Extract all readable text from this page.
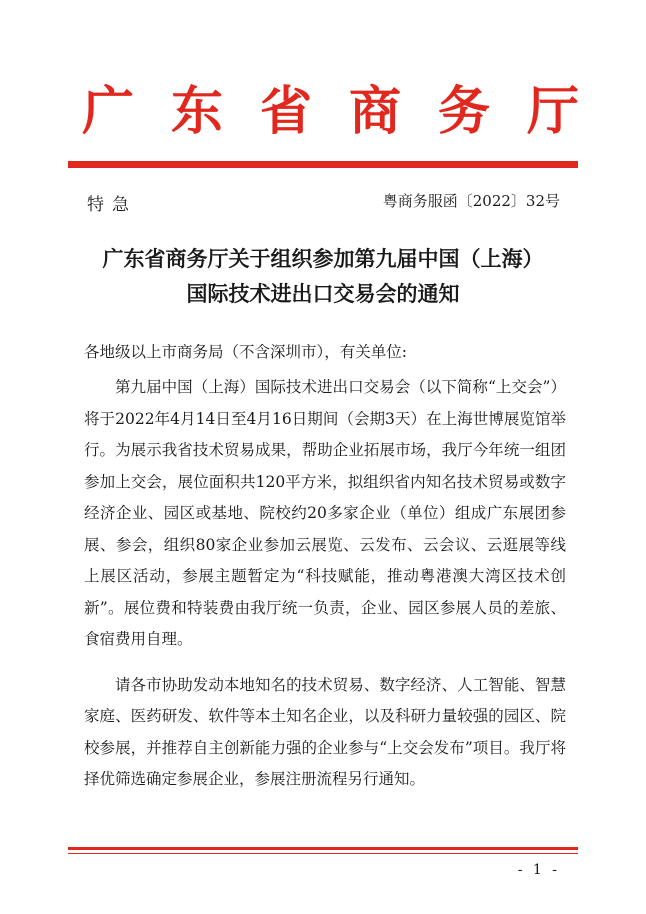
广东省商务厅
特急	粤商务服函〔2022〕32号
广东省商务厅关于组织参加第九届中国（上海）
国际技术进出口交易会的通知
各地级以上市商务局（不含深圳市），有关单位:

第九届中国（上海）国际技术进出口交易会（以下简称“上交会”）将于2022年4月14日至4月16日期间（会期3天）在上海世博展览馆举行。为展示我省技术贸易成果，帮助企业拓展市场，我厅今年统一组团参加上交会，展位面积共120平方米，拟组织省内知名技术贸易或数字经济企业、园区或基地、院校约20多家企业（单位）组成广东展团参展、参会，组织80家企业参加云展览、云发布、云会议、云逛展等线上展区活动，参展主题暂定为“科技赋能，推动粤港澳大湾区技术创新”。展位费和特装费由我厅统一负责，企业、园区参展人员的差旅、食宿费用自理。

请各市协助发动本地知名的技术贸易、数字经济、人工智能、智慧家庭、医药研发、软件等本土知名企业，以及科研力量较强的园区、院校参展，并推荐自主创新能力强的企业参与“上交会发布”项目。我厅将择优筛选确定参展企业，参展注册流程另行通知。

- 1 -
